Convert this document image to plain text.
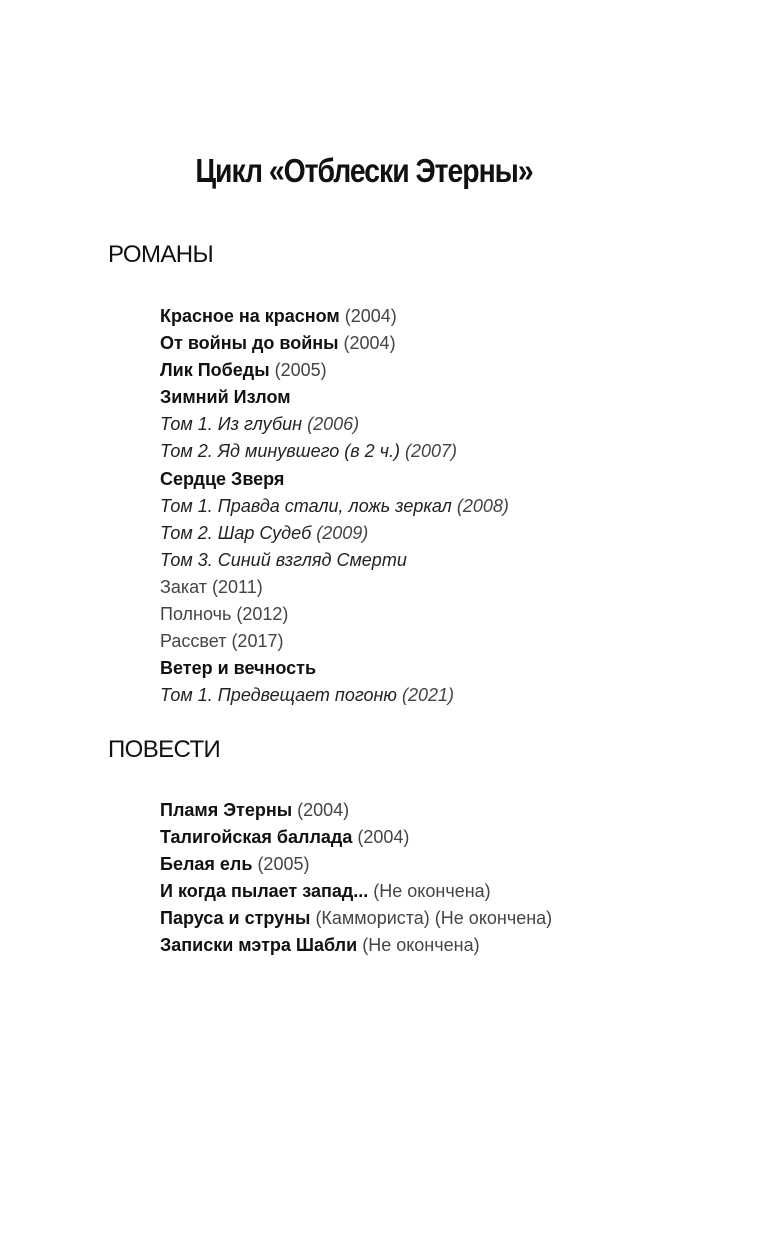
Цикл «Отблески Этерны»
РОМАНЫ
Красное на красном (2004)
От войны до войны (2004)
Лик Победы (2005)
Зимний Излом
Том 1. Из глубин (2006)
Том 2. Яд минувшего (в 2 ч.) (2007)
Сердце Зверя
Том 1. Правда стали, ложь зеркал (2008)
Том 2. Шар Судеб (2009)
Том 3. Синий взгляд Смерти
Закат (2011)
Полночь (2012)
Рассвет (2017)
Ветер и вечность
Том 1. Предвещает погоню (2021)
ПОВЕСТИ
Пламя Этерны (2004)
Талигойская баллада (2004)
Белая ель (2005)
И когда пылает запад... (Не окончена)
Паруса и струны (Каммориста) (Не окончена)
Записки мэтра Шабли (Не окончена)
